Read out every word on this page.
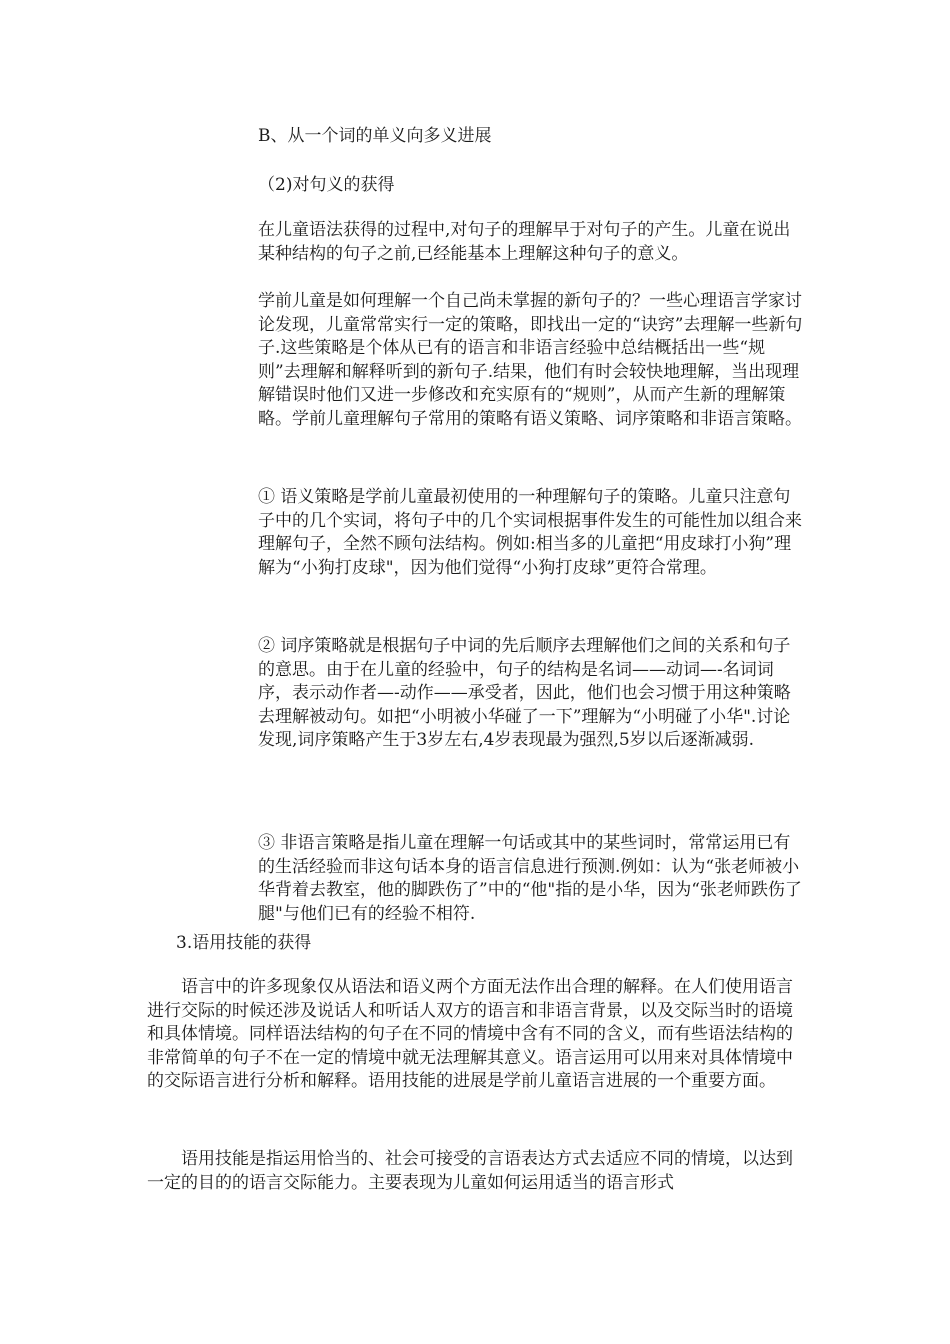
B、从一个词的单义向多义进展

（2)对句义的获得

在儿童语法获得的过程中,对句子的理解早于对句子的产生。儿童在说出某种结构的句子之前,已经能基本上理解这种句子的意义。

学前儿童是如何理解一个自己尚未掌握的新句子的？一些心理语言学家讨论发现，儿童常常实行一定的策略，即找出一定的“诀窍”去理解一些新句子.这些策略是个体从已有的语言和非语言经验中总结概括出一些“规则”去理解和解释听到的新句子.结果，他们有时会较快地理解，当出现理解错误时他们又进一步修改和充实原有的“规则”，从而产生新的理解策略。学前儿童理解句子常用的策略有语义策略、词序策略和非语言策略。

① 语义策略是学前儿童最初使用的一种理解句子的策略。儿童只注意句子中的几个实词，将句子中的几个实词根据事件发生的可能性加以组合来理解句子，全然不顾句法结构。例如:相当多的儿童把“用皮球打小狗”理解为“小狗打皮球"，因为他们觉得“小狗打皮球”更符合常理。

② 词序策略就是根据句子中词的先后顺序去理解他们之间的关系和句子的意思。由于在儿童的经验中，句子的结构是名词——动词—-名词词序，表示动作者—-动作——承受者，因此，他们也会习惯于用这种策略去理解被动句。如把“小明被小华碰了一下”理解为“小明碰了小华".讨论发现,词序策略产生于3岁左右,4岁表现最为强烈,5岁以后逐渐减弱.

③ 非语言策略是指儿童在理解一句话或其中的某些词时，常常运用已有的生活经验而非这句话本身的语言信息进行预测.例如：认为“张老师被小华背着去教室，他的脚跌伤了”中的“他"指的是小华，因为“张老师跌伤了腿"与他们已有的经验不相符.

3.语用技能的获得

语言中的许多现象仅从语法和语义两个方面无法作出合理的解释。在人们使用语言进行交际的时候还涉及说话人和听话人双方的语言和非语言背景，以及交际当时的语境和具体情境。同样语法结构的句子在不同的情境中含有不同的含义，而有些语法结构的非常简单的句子不在一定的情境中就无法理解其意义。语言运用可以用来对具体情境中的交际语言进行分析和解释。语用技能的进展是学前儿童语言进展的一个重要方面。

语用技能是指运用恰当的、社会可接受的言语表达方式去适应不同的情境，以达到一定的目的的语言交际能力。主要表现为儿童如何运用适当的语言形式
